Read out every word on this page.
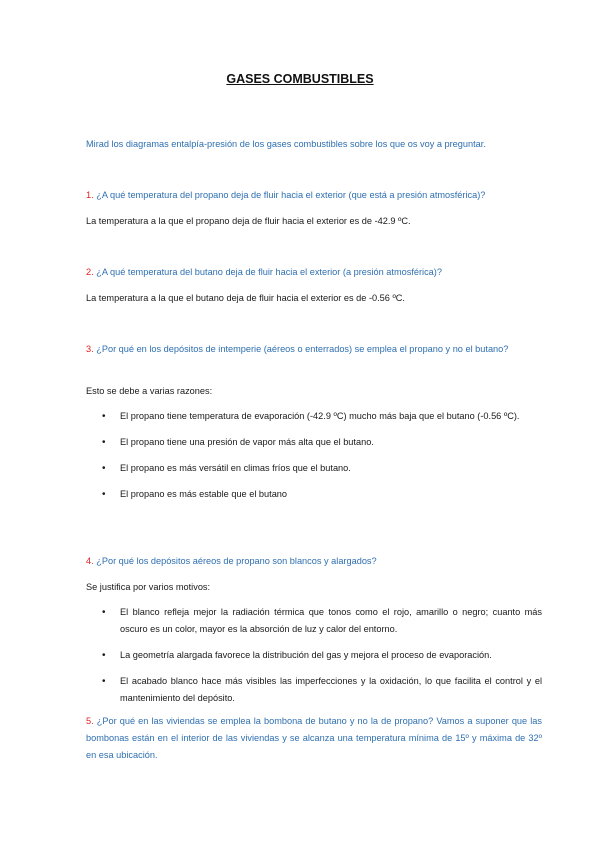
GASES COMBUSTIBLES

Mirad los diagramas entalpía-presión de los gases combustibles sobre los que os voy a preguntar.

1. ¿A qué temperatura del propano deja de fluir hacia el exterior (que está a presión atmosférica)?

La temperatura a la que el propano deja de fluir hacia el exterior es de -42.9 ºC.

2. ¿A qué temperatura del butano deja de fluir hacia el exterior (a presión atmosférica)?

La temperatura a la que el butano deja de fluir hacia el exterior es de -0.56 ºC.

3. ¿Por qué en los depósitos de intemperie (aéreos o enterrados) se emplea el propano y no el butano?

Esto se debe a varias razones:

• El propano tiene temperatura de evaporación (-42.9 ºC) mucho más baja que el butano (-0.56 ºC).
• El propano tiene una presión de vapor más alta que el butano.
• El propano es más versátil en climas fríos que el butano.
• El propano es más estable que el butano

4. ¿Por qué los depósitos aéreos de propano son blancos y alargados?

Se justifica por varios motivos:

• El blanco refleja mejor la radiación térmica que tonos como el rojo, amarillo o negro; cuanto más oscuro es un color, mayor es la absorción de luz y calor del entorno.
• La geometría alargada favorece la distribución del gas y mejora el proceso de evaporación.
• El acabado blanco hace más visibles las imperfecciones y la oxidación, lo que facilita el control y el mantenimiento del depósito.

5. ¿Por qué en las viviendas se emplea la bombona de butano y no la de propano? Vamos a suponer que las bombonas están en el interior de las viviendas y se alcanza una temperatura mínima de 15º y máxima de 32º en esa ubicación.
